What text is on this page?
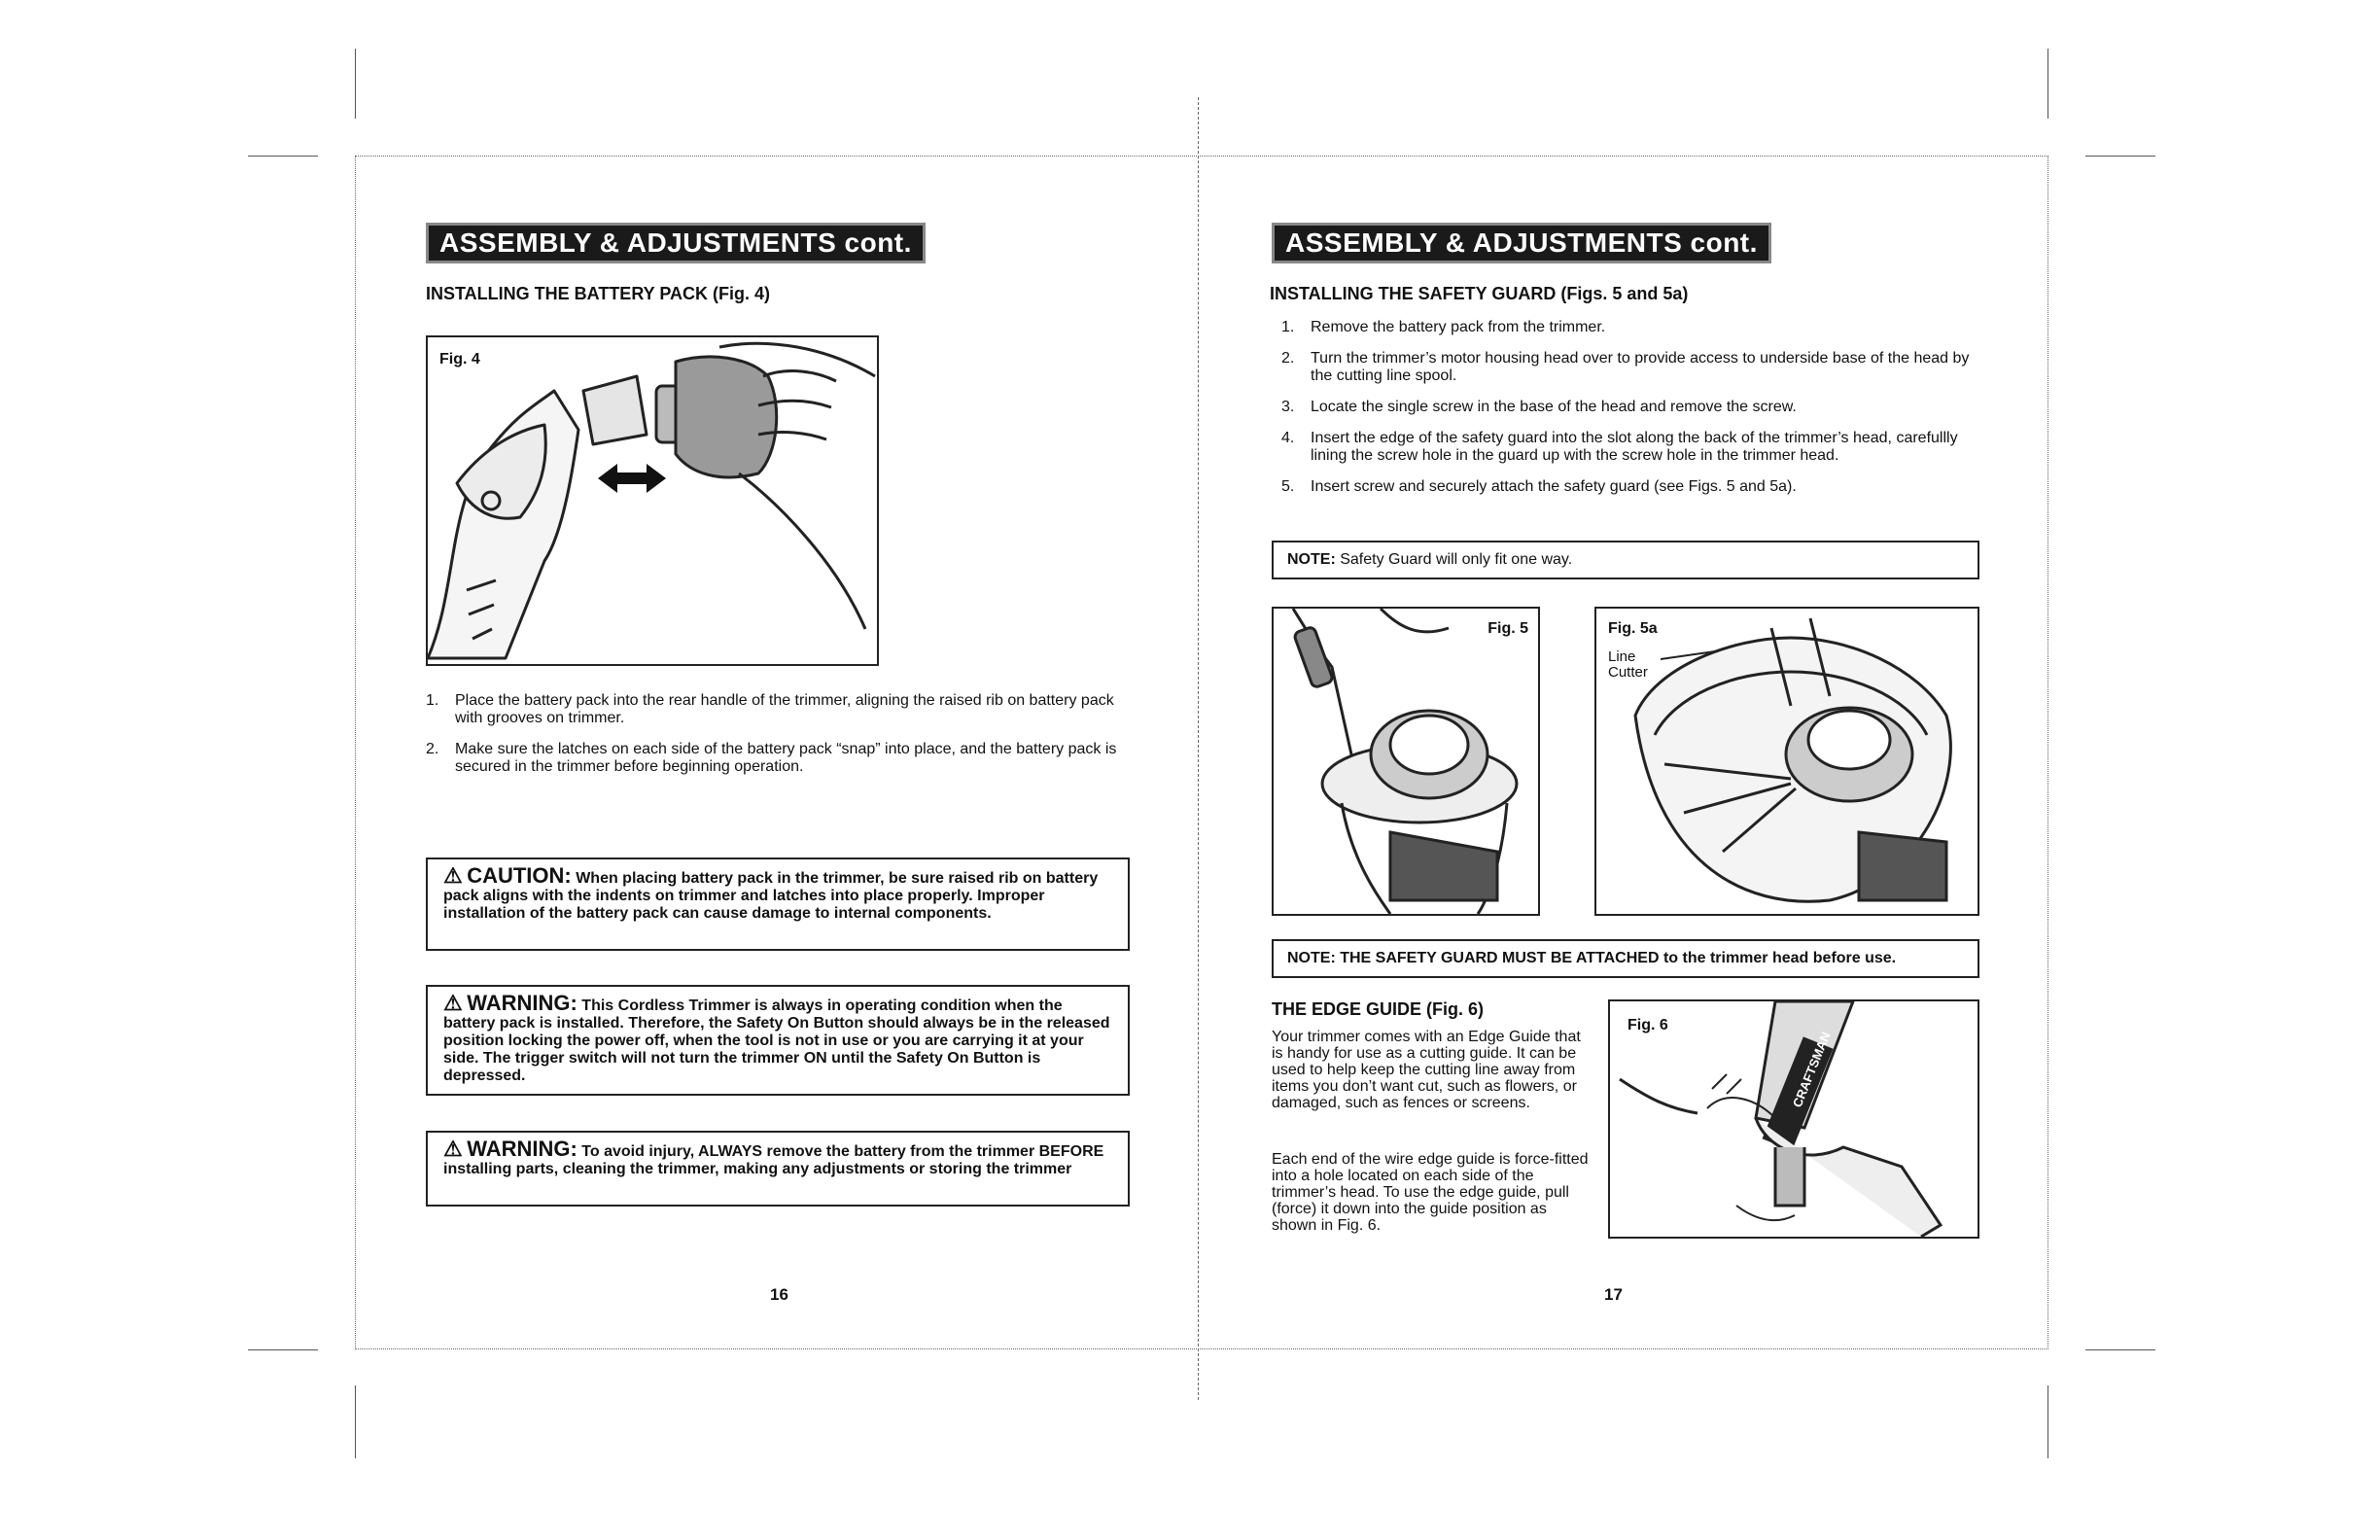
ASSEMBLY & ADJUSTMENTS cont.
INSTALLING THE BATTERY PACK (Fig. 4)
Fig. 4
1. Place the battery pack into the rear handle of the trimmer, aligning the raised rib on battery pack with grooves on trimmer.
2. Make sure the latches on each side of the battery pack “snap” into place, and the battery pack is secured in the trimmer before beginning operation.
⚠ CAUTION: When placing battery pack in the trimmer, be sure raised rib on battery pack aligns with the indents on trimmer and latches into place properly. Improper installation of the battery pack can cause damage to internal components.
⚠ WARNING: This Cordless Trimmer is always in operating condition when the battery pack is installed. Therefore, the Safety On Button should always be in the released position locking the power off, when the tool is not in use or you are carrying it at your side. The trigger switch will not turn the trimmer ON until the Safety On Button is depressed.
⚠ WARNING: To avoid injury, ALWAYS remove the battery from the trimmer BEFORE installing parts, cleaning the trimmer, making any adjustments or storing the trimmer
16
ASSEMBLY & ADJUSTMENTS cont.
INSTALLING THE SAFETY GUARD (Figs. 5 and 5a)
1. Remove the battery pack from the trimmer.
2. Turn the trimmer’s motor housing head over to provide access to underside base of the head by the cutting line spool.
3. Locate the single screw in the base of the head and remove the screw.
4. Insert the edge of the safety guard into the slot along the back of the trimmer’s head, carefullly lining the screw hole in the guard up with the screw hole in the trimmer head.
5. Insert screw and securely attach the safety guard (see Figs. 5 and 5a).
NOTE:
Safety Guard will only fit one way.
Fig. 5	Fig. 5a
Line
Cutter
NOTE: THE SAFETY GUARD MUST BE ATTACHED to the trimmer head before use.
THE EDGE GUIDE (Fig. 6)

Your trimmer comes with an Edge Guide that is handy for use as a cutting guide. It can be used to help keep the cutting line away from items you don’t want cut, such as flowers, or damaged, such as fences or screens.

Each end of the wire edge guide is force-fitted into a hole located on each side of the trimmer’s head. To use the edge guide, pull (force) it down into the guide position as shown in Fig. 6.

Fig. 6
CRAFTSMAN
17
